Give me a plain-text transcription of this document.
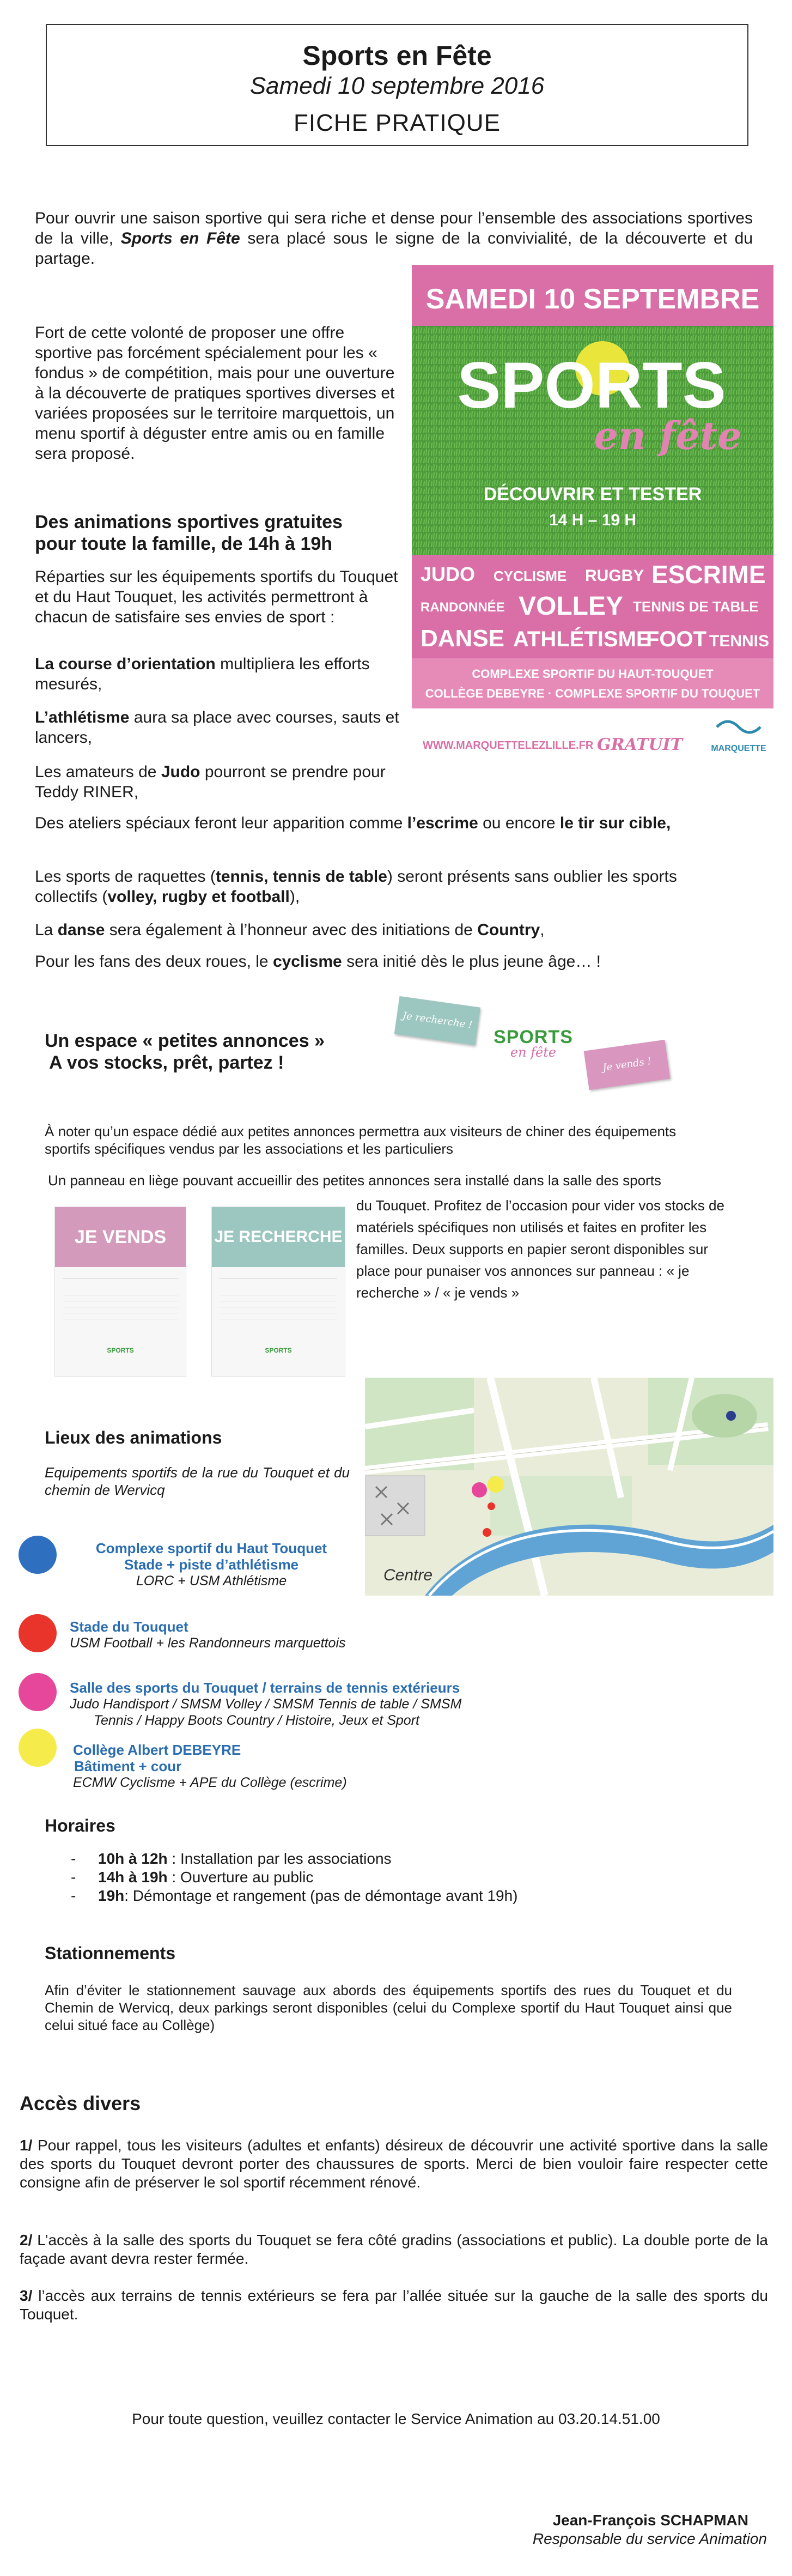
Sports en Fête
Samedi 10 septembre 2016
FICHE PRATIQUE

Pour ouvrir une saison sportive qui sera riche et dense pour l’ensemble des associations sportives de la ville, Sports en Fête sera placé sous le signe de la convivialité, de la découverte et du partage.

Fort de cette volonté de proposer une offre sportive pas forcément spécialement pour les « fondus » de compétition, mais pour une ouverture à la découverte de pratiques sportives diverses et variées proposées sur le territoire marquettois, un menu sportif à déguster entre amis ou en famille sera proposé.

SAMEDI 10 SEPTEMBRE
SPORTS
en fête
DÉCOUVRIR ET TESTER
14 H – 19 H
JUDO CYCLISME RUGBY ESCRIME
RANDONNÉE VOLLEY TENNIS DE TABLE
DANSE ATHLÉTISME
FOOT TENNIS
COMPLEXE SPORTIF DU HAUT-TOUQUET
COLLÈGE DEBEYRE · COMPLEXE SPORTIF DU TOUQUET
WWW.MARQUETTELEZLILLE.FR GRATUIT	MARQUETTE
Des animations sportives gratuites
pour toute la famille, de 14h à 19h

Réparties sur les équipements sportifs du Touquet et du Haut Touquet, les activités permettront à chacun de satisfaire ses envies de sport :

La course d’orientation multipliera les efforts mesurés,

L’athlétisme aura sa place avec courses, sauts et lancers,

Les amateurs de Judo pourront se prendre pour Teddy RINER,

Des ateliers spéciaux feront leur apparition comme l’escrime ou encore le tir sur cible,

Les sports de raquettes (tennis, tennis de table) seront présents sans oublier les sports collectifs (volley, rugby et football),

La danse sera également à l’honneur avec des initiations de Country,

Pour les fans des deux roues, le cyclisme sera initié dès le plus jeune âge… !

Un espace « petites annonces »
A vos stocks, prêt, partez !
Je recherche !
SPORTS
en fête
Je vends !

À noter qu’un espace dédié aux petites annonces permettra aux visiteurs de chiner des équipements sportifs spécifiques vendus par les associations et les particuliers

Un panneau en liège pouvant accueillir des petites annonces sera installé dans la salle des sports

du Touquet. Profitez de l’occasion pour vider vos stocks de matériels spécifiques non utilisés et faites en profiter les familles. Deux supports en papier seront disponibles sur place pour punaiser vos annonces sur panneau : « je recherche » / « je vends »

JE VENDS
SPORTS
JE RECHERCHE
SPORTS
Lieux des animations

Equipements sportifs de la rue du Touquet et du chemin de Wervicq

Centre
Complexe sportif du Haut Touquet
Stade + piste d’athlétisme
LORC + USM Athlétisme
Stade du Touquet
USM Football + les Randonneurs marquettois
Salle des sports du Touquet / terrains de tennis extérieurs
Judo Handisport / SMSM Volley / SMSM Tennis de table / SMSM
Tennis / Happy Boots Country / Histoire, Jeux et Sport
Collège Albert DEBEYRE
Bâtiment + cour
ECMW Cyclisme + APE du Collège (escrime)
Horaires
- 10h à 12h : Installation par les associations
- 14h à 19h : Ouverture au public
- 19h: Démontage et rangement (pas de démontage avant 19h)
Stationnements

Afin d’éviter le stationnement sauvage aux abords des équipements sportifs des rues du Touquet et du Chemin de Wervicq, deux parkings seront disponibles (celui du Complexe sportif du Haut Touquet ainsi que celui situé face au Collège)

Accès divers

1/ Pour rappel, tous les visiteurs (adultes et enfants) désireux de découvrir une activité sportive dans la salle des sports du Touquet devront porter des chaussures de sports. Merci de bien vouloir faire respecter cette consigne afin de préserver le sol sportif récemment rénové.

2/ L’accès à la salle des sports du Touquet se fera côté gradins (associations et public). La double porte de la façade avant devra rester fermée.

3/ l’accès aux terrains de tennis extérieurs se fera par l’allée située sur la gauche de la salle des sports du Touquet.

Pour toute question, veuillez contacter le Service Animation au 03.20.14.51.00

Jean-François SCHAPMAN
Responsable du service Animation
